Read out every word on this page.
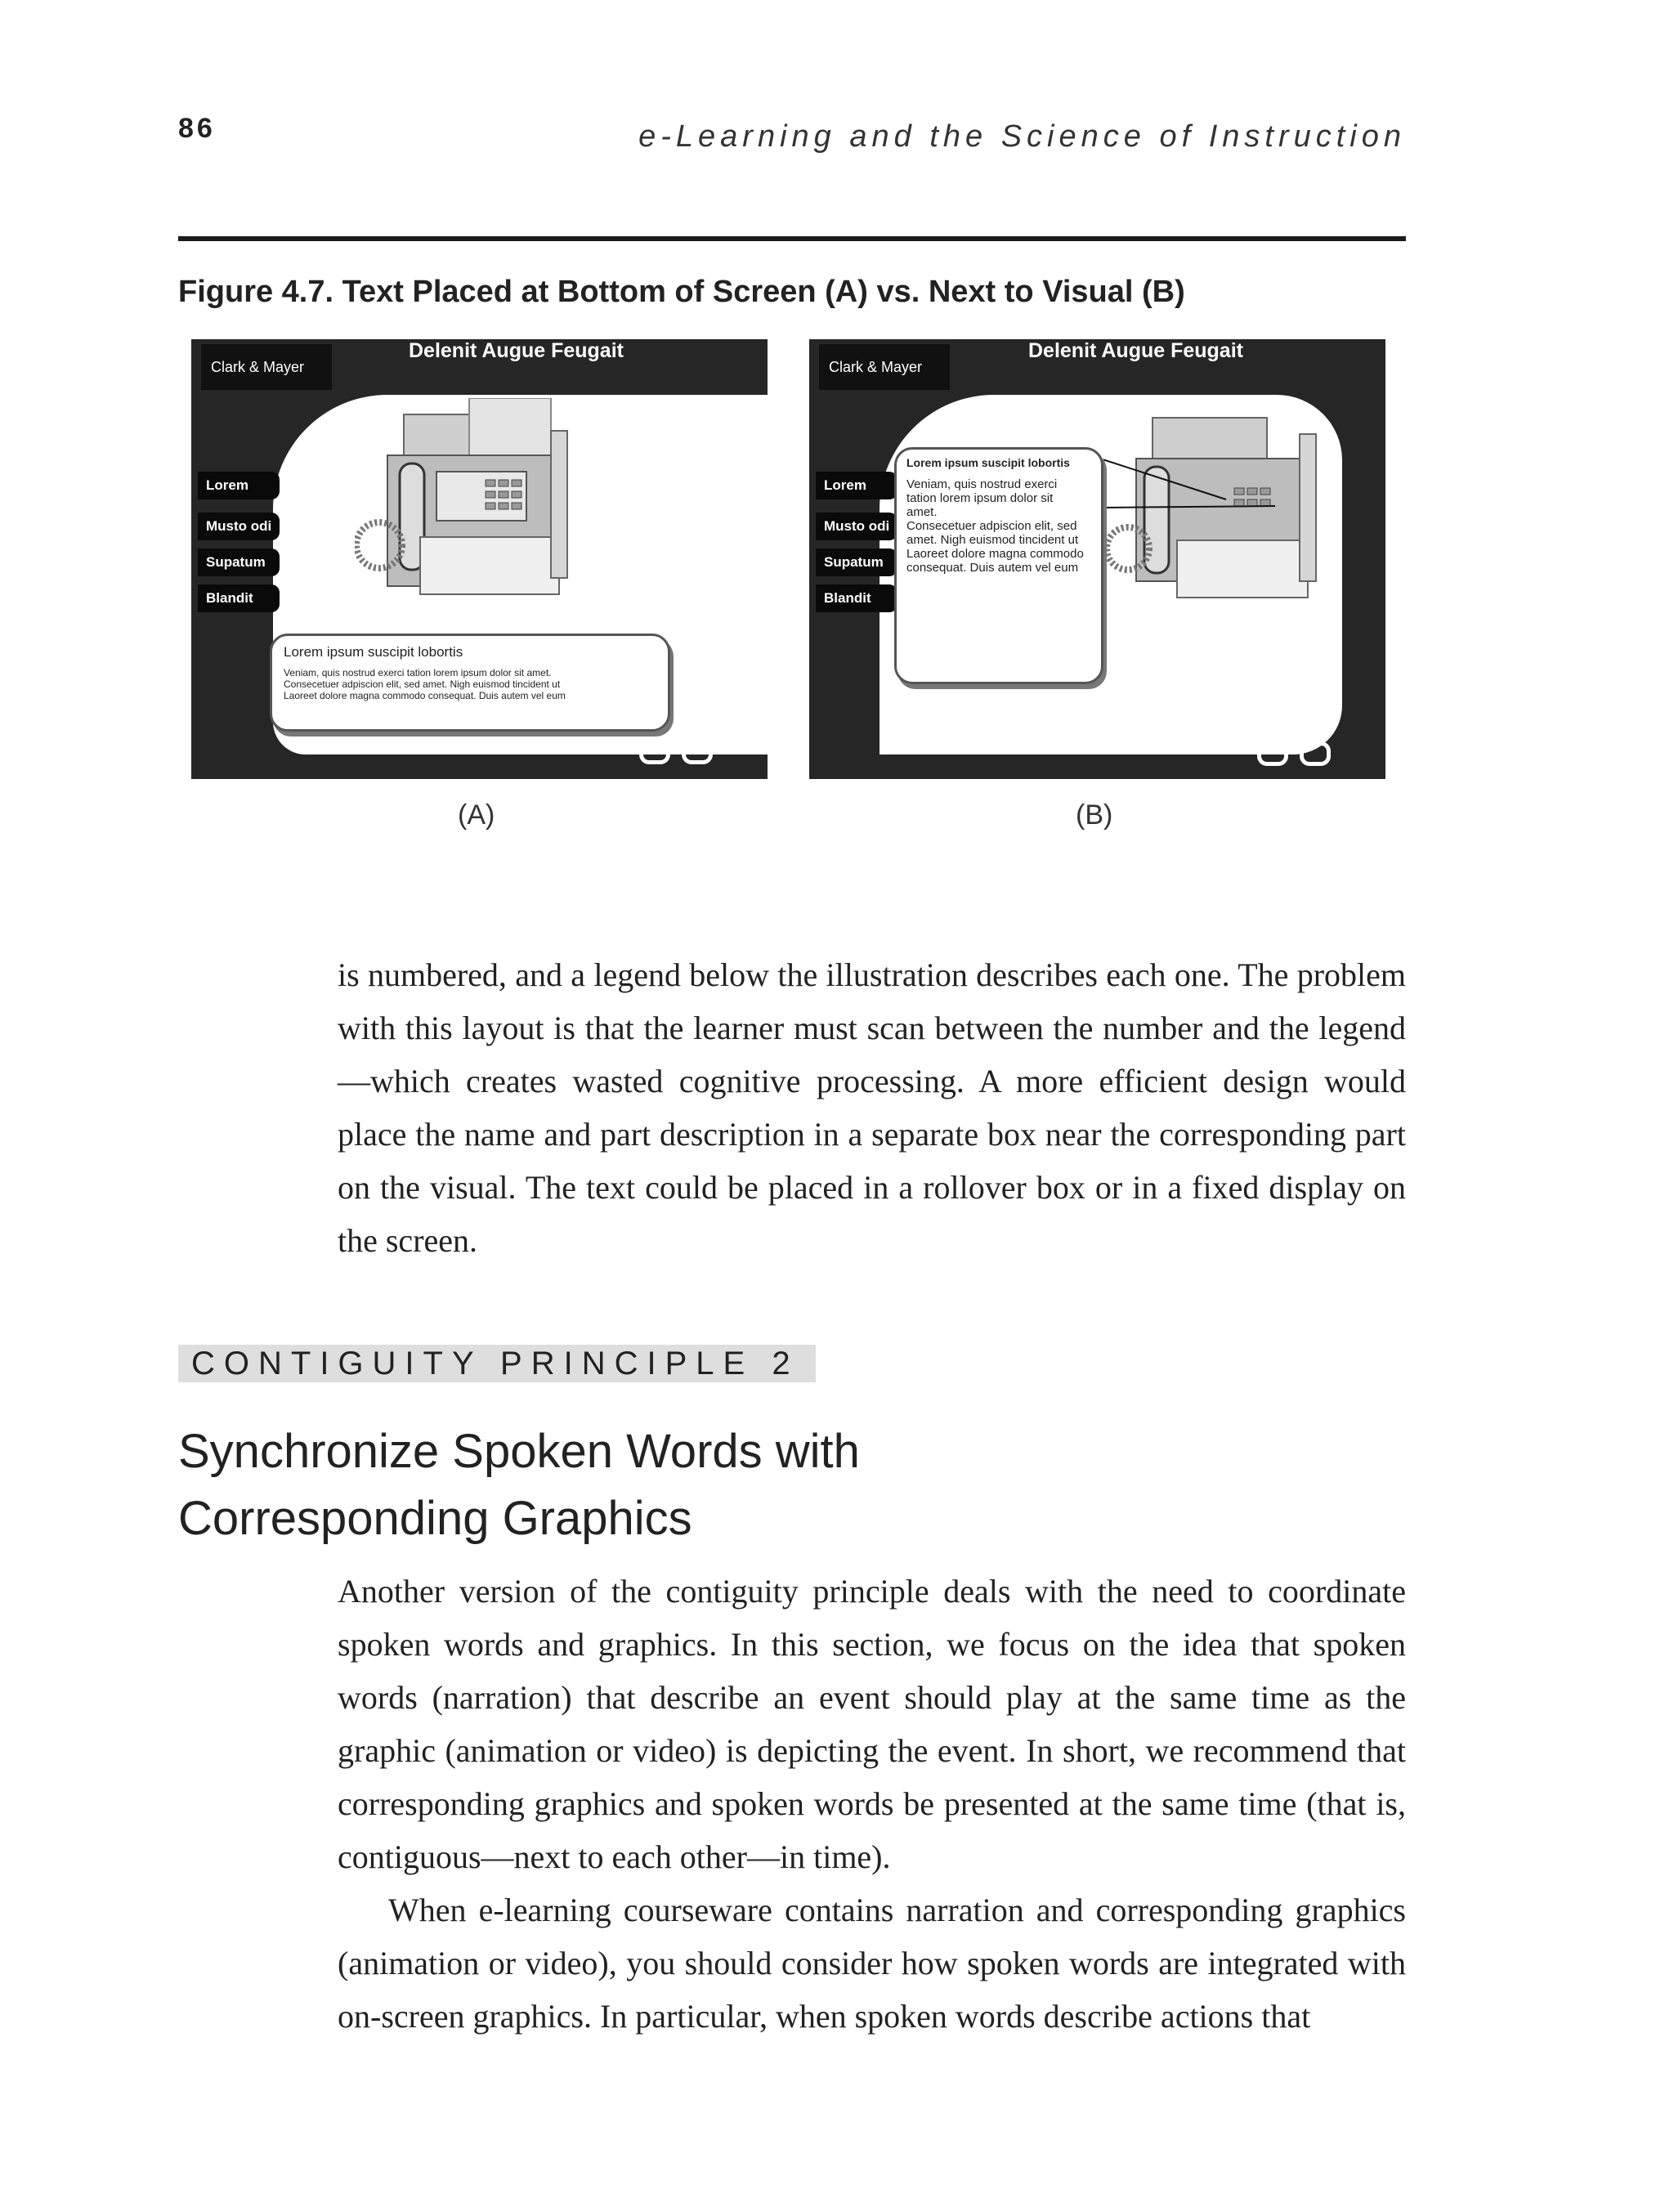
86	e-Learning and the Science of Instruction
Figure 4.7. Text Placed at Bottom of Screen (A) vs. Next to Visual (B)
Clark & Mayer
Delenit Augue Feugait
Lorem
Musto odi
Supatum
Blandit
Lorem ipsum suscipit lobortis
Veniam, quis nostrud exerci tation lorem ipsum dolor sit amet.
Consecetuer adpiscion elit, sed amet. Nigh euismod tincident ut
Laoreet dolore magna commodo consequat. Duis autem vel eum
Clark & Mayer
Delenit Augue Feugait
Lorem
Musto odi
Supatum
Blandit
Lorem ipsum suscipit lobortis
Veniam, quis nostrud exerci
tation lorem ipsum dolor sit
amet.
Consecetuer adpiscion elit, sed
amet. Nigh euismod tincident ut
Laoreet dolore magna commodo
consequat. Duis autem vel eum
(A)	(B)
is numbered, and a legend below the illustration describes each one. The problem with this layout is that the learner must scan between the number and the legend—which creates wasted cognitive processing. A more efficient design would place the name and part description in a separate box near the corresponding part on the visual. The text could be placed in a rollover box or in a fixed display on the screen.
CONTIGUITY PRINCIPLE 2
Synchronize Spoken Words with
Corresponding Graphics
Another version of the contiguity principle deals with the need to coordinate spoken words and graphics. In this section, we focus on the idea that spoken words (narration) that describe an event should play at the same time as the graphic (animation or video) is depicting the event. In short, we recommend that corresponding graphics and spoken words be presented at the same time (that is, contiguous—next to each other—in time).
When e-learning courseware contains narration and corresponding graphics (animation or video), you should consider how spoken words are integrated with on-screen graphics. In particular, when spoken words describe actions that
